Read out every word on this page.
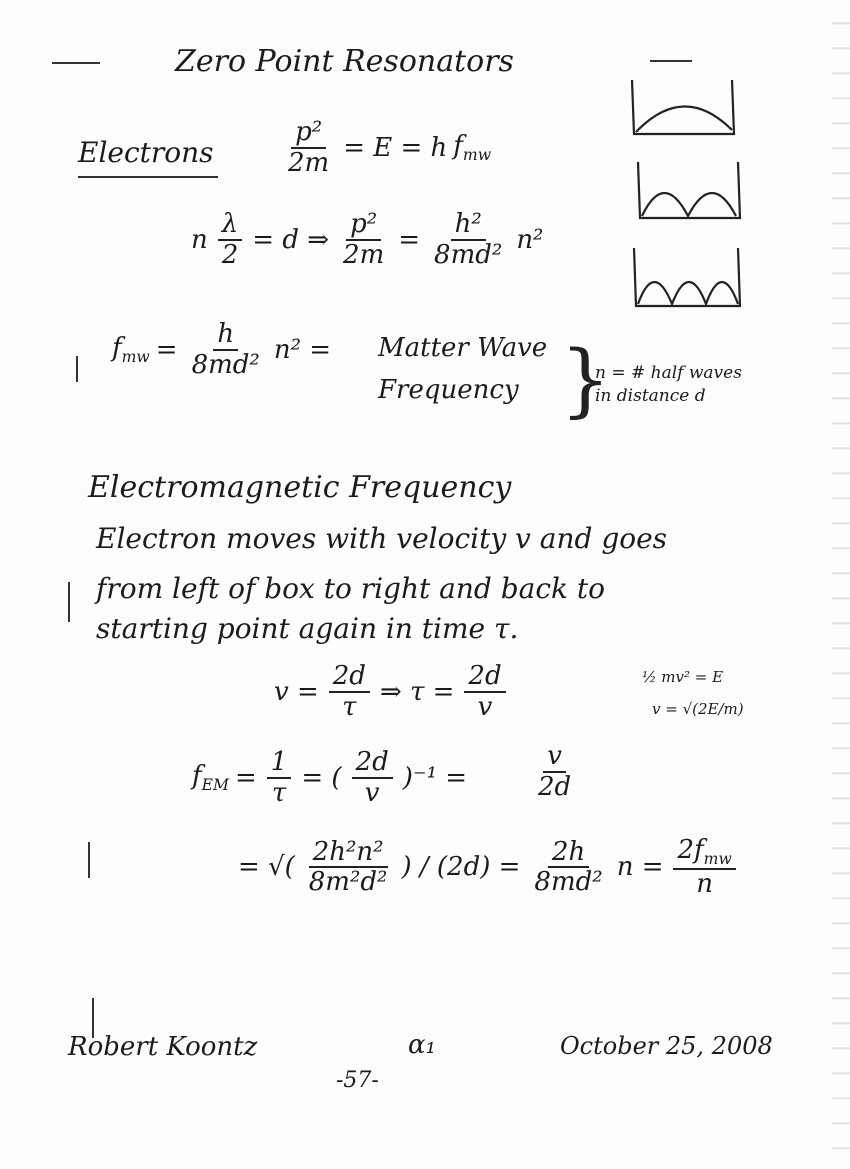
Zero Point Resonators
Electrons	$\frac{\text{p²}}{2m} = E = h$ $f_{mw}$
n $\frac{\lambda}{2} = d$ ⇒ $\frac{\text{p²}}{2m} = \frac{\text{h²}}{\text{8md²}} n^2$
$f_{mw} = \frac{h}{\text{8md²}} n^2$ = Matter Wave
Frequency }
n = # half waves
in distance d
Electromagnetic Frequency
Electron moves with velocity v and goes
from left of box to right and back to
starting point again in time τ.
$v = \frac{2d}{\tau}$ ⇒ $\tau = \frac{2d}{v}$	½ mv² = E
v = √(2E/m)
$f_{EM} = \frac{1}{\tau}$ = ( $\frac{2d}{v} )^{-1}$ =	$\frac{v}{2d}$
= √( $\frac{\text{2h²n²}}{\text{8m²d²}}$ ) / $(2d) = \frac{2h}{\text{8md²}}$ $n = \frac{2f_{mw}}{n}$
Robert Koontz	α₁	October 25, 2008
-57-
